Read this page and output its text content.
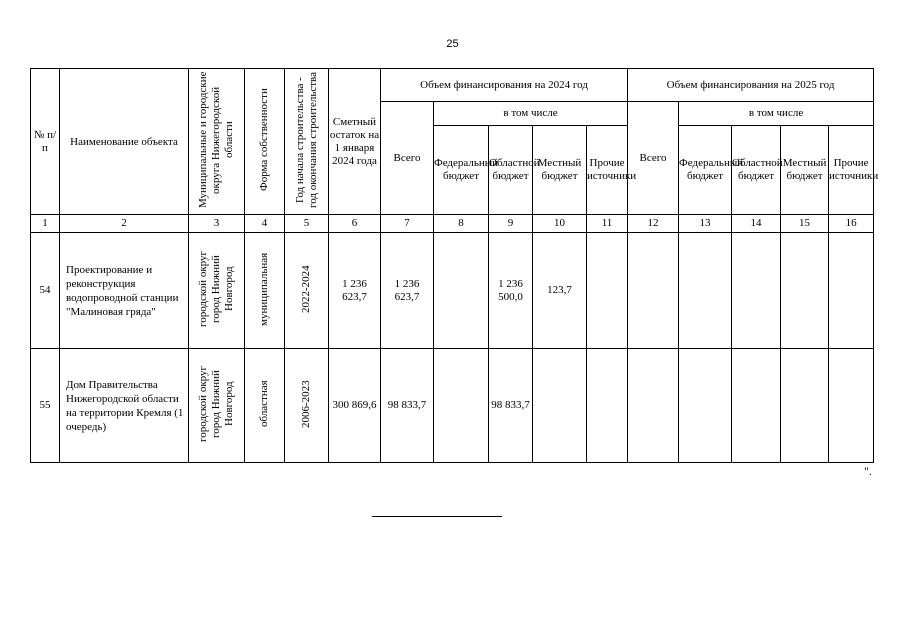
25
№ п/п	Наименование объекта	Муниципальные и городские округа Нижегородской области	Форма собственности	Год начала строительства - год окончания строительства	Сметный остаток на 1 января 2024 года	Объем финансирования на 2024 год					Объем финансирования на 2025 год				
						Всего	в том числе				Всего	в том числе			
							Федеральный бюджет	Областной бюджет	Местный бюджет	Прочие источники		Федеральный бюджет	Областной бюджет	Местный бюджет	Прочие источники
1	2	3	4	5	6	7	8	9	10	11	12	13	14	15	16
54	Проектирование и реконструкция водопроводной станции "Малиновая гряда"	городской округ город Нижний Новгород	муниципальная	2022-2024	1 236 623,7	1 236 623,7		1 236 500,0	123,7						
55	Дом Правительства Нижегородской области на территории Кремля (1 очередь)	городской округ город Нижний Новгород	областная	2006-2023	300 869,6	98 833,7		98 833,7							
".
